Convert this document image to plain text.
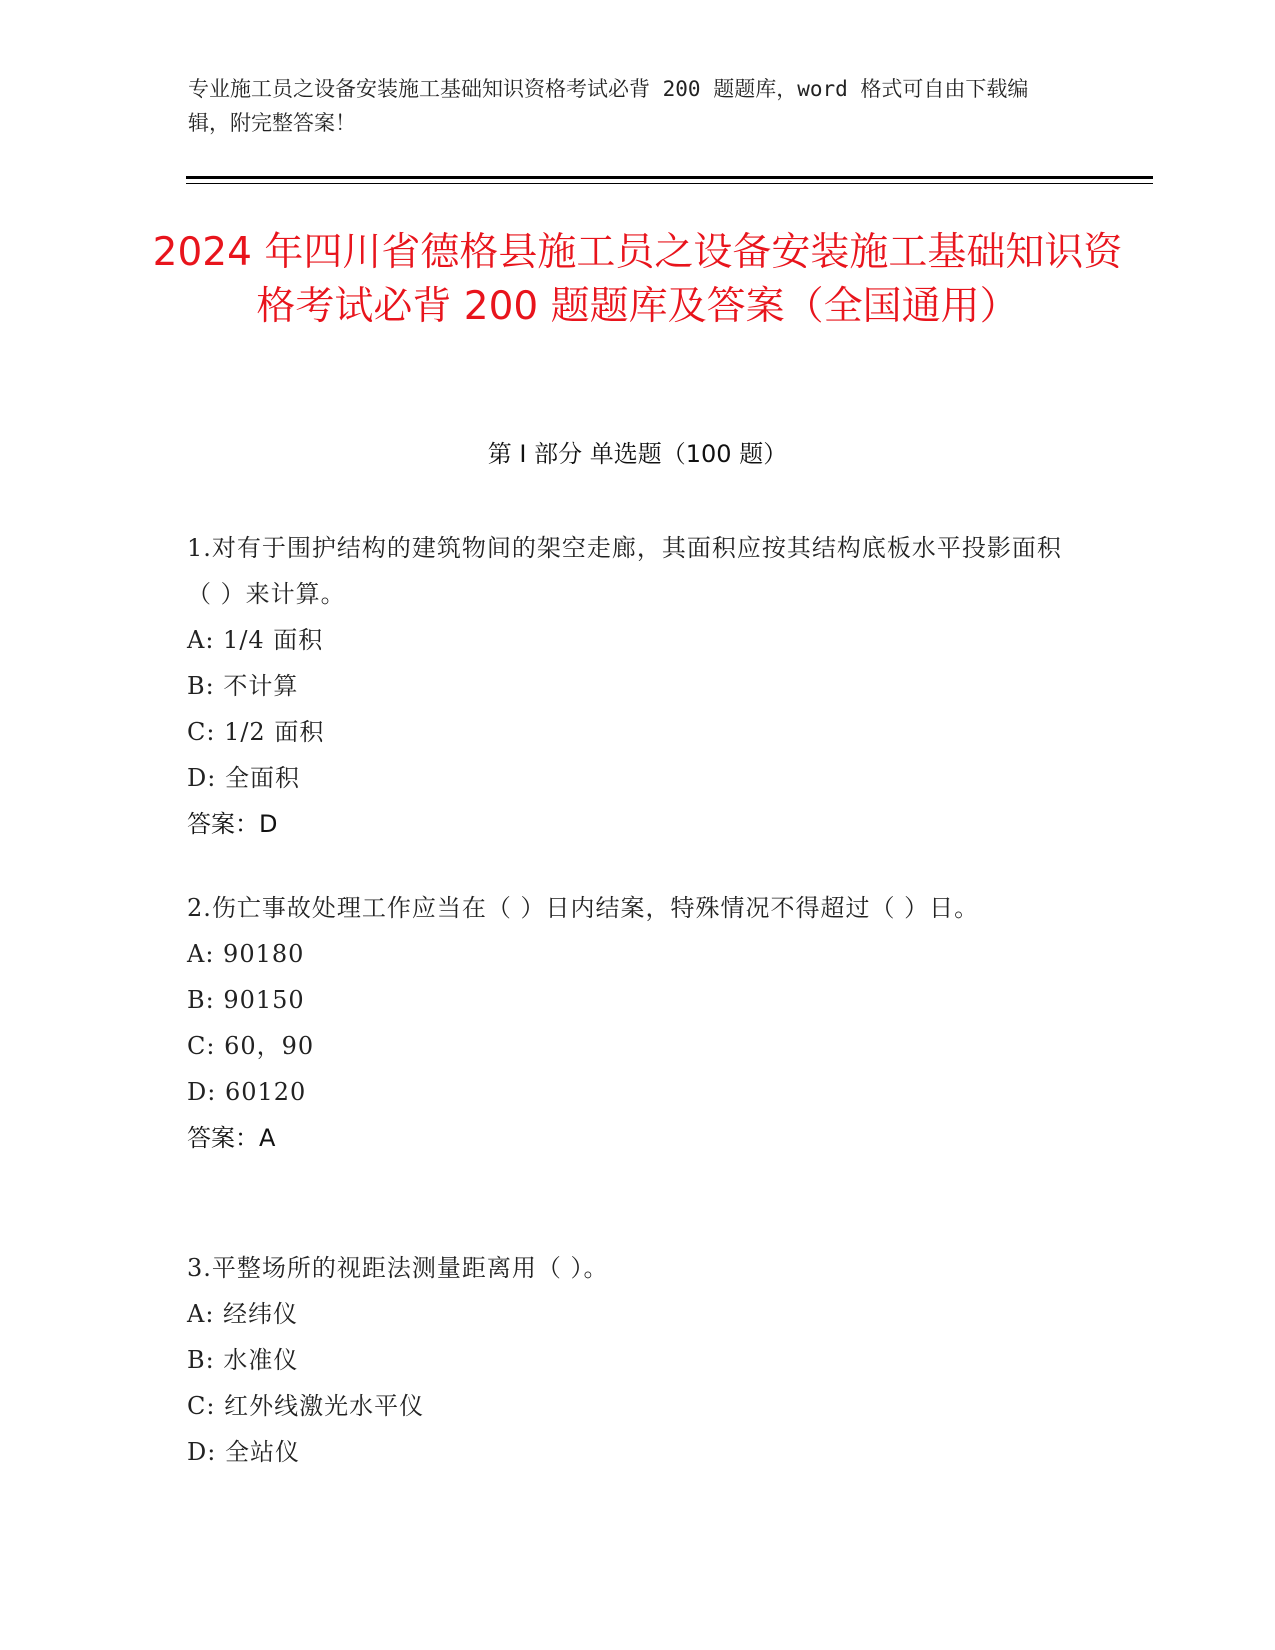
专业施工员之设备安装施工基础知识资格考试必背 200 题题库，word 格式可自由下载编辑，附完整答案！
2024 年四川省德格县施工员之设备安装施工基础知识资格考试必背 200 题题库及答案（全国通用）
第 I 部分 单选题（100 题）
1.对有于围护结构的建筑物间的架空走廊，其面积应按其结构底板水平投影面积（ ）来计算。
A: 1/4 面积
B: 不计算
C: 1/2 面积
D: 全面积
答案：D
2.伤亡事故处理工作应当在（ ）日内结案，特殊情况不得超过（ ）日。
A: 90180
B: 90150
C: 60，90
D: 60120
答案：A
3.平整场所的视距法测量距离用（ ）。
A: 经纬仪
B: 水准仪
C: 红外线激光水平仪
D: 全站仪
